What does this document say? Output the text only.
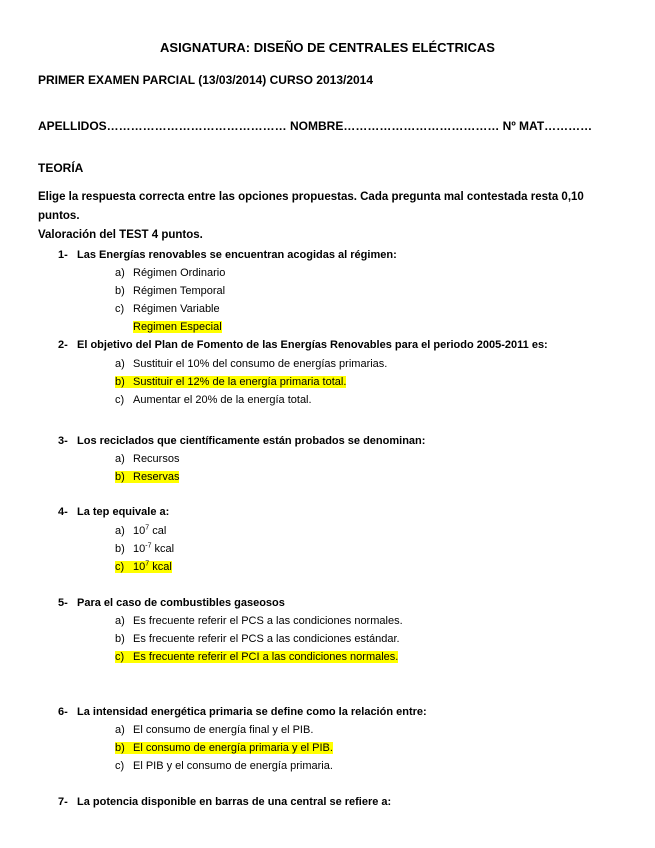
ASIGNATURA: DISEÑO DE CENTRALES ELÉCTRICAS
PRIMER EXAMEN PARCIAL (13/03/2014) CURSO 2013/2014
APELLIDOS……………………………………… NOMBRE………………………………… Nº MAT…………
TEORÍA
Elige la respuesta correcta entre las opciones propuestas. Cada pregunta mal contestada resta 0,10 puntos.
Valoración del TEST 4 puntos.
1- Las Energías renovables se encuentran acogidas al régimen:
a) Régimen Ordinario
b) Régimen Temporal
c) Régimen Variable
Regimen Especial
2- El objetivo del Plan de Fomento de las Energías Renovables para el periodo 2005-2011 es:
a) Sustituir el 10% del consumo de energías primarias.
b) Sustituir el 12% de la energía primaria total.
c) Aumentar el 20% de la energía total.
3- Los reciclados que científicamente están probados se denominan:
a) Recursos
b) Reservas
4- La tep equivale a:
a) $10^7$ cal
b) $10^{-7}$ kcal
c) $10^7$ kcal
5- Para el caso de combustibles gaseosos
a) Es frecuente referir el PCS a las condiciones normales.
b) Es frecuente referir el PCS a las condiciones estándar.
c) Es frecuente referir el PCI a las condiciones normales.
6- La intensidad energética primaria se define como la relación entre:
a) El consumo de energía final y el PIB.
b) El consumo de energía primaria y el PIB.
c) El PIB y el consumo de energía primaria.
7- La potencia disponible en barras de una central se refiere a:
